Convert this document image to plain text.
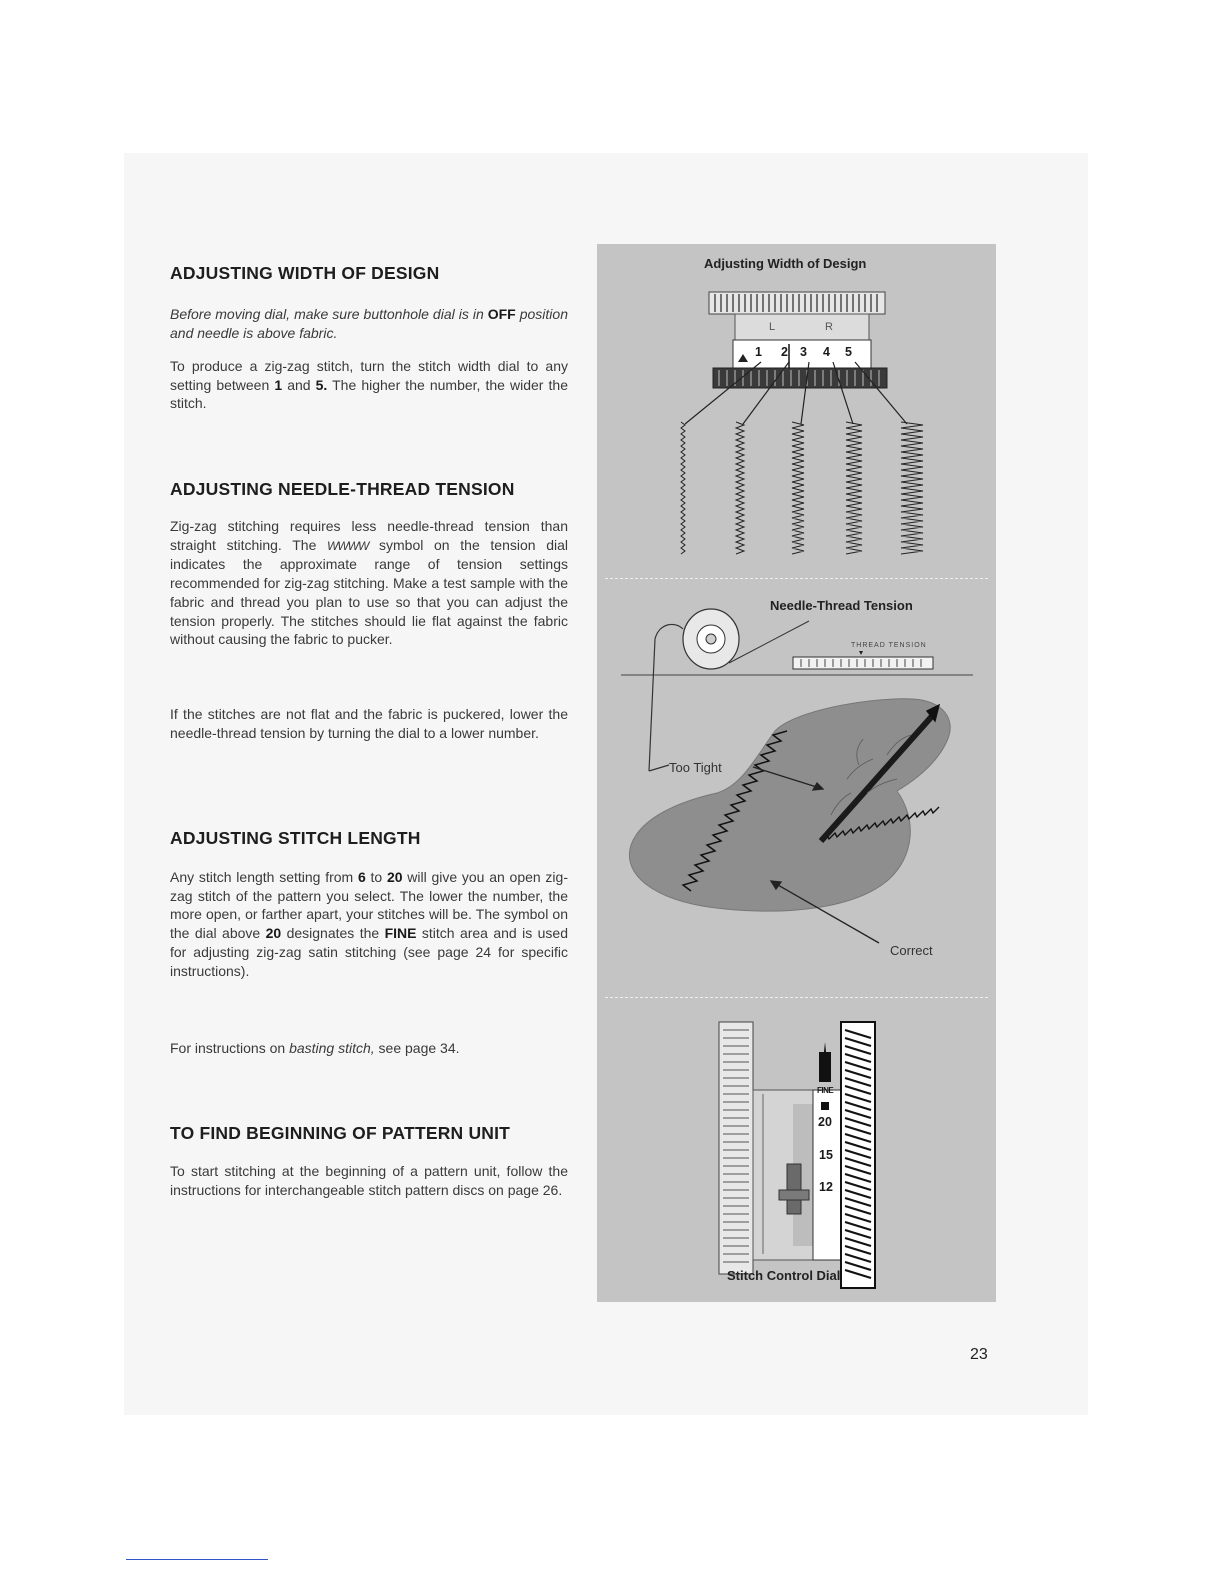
ADJUSTING WIDTH OF DESIGN

Before moving dial, make sure buttonhole dial is in OFF position and needle is above fabric.

To produce a zig-zag stitch, turn the stitch width dial to any setting between 1 and 5. The higher the number, the wider the stitch.

ADJUSTING NEEDLE-THREAD TENSION

Zig-zag stitching requires less needle-thread tension than straight stitching. The WWWW symbol on the tension dial indicates the approximate range of tension settings recommended for zig-zag stitching. Make a test sample with the fabric and thread you plan to use so that you can adjust the tension properly. The stitches should lie flat against the fabric without causing the fabric to pucker.

If the stitches are not flat and the fabric is puckered, lower the needle-thread tension by turning the dial to a lower number.

ADJUSTING STITCH LENGTH

Any stitch length setting from 6 to 20 will give you an open zig-zag stitch of the pattern you select. The lower the number, the more open, or farther apart, your stitches will be. The symbol on the dial above 20 designates the FINE stitch area and is used for adjusting zig-zag satin stitching (see page 24 for specific instructions).

For instructions on basting stitch, see page 34.

TO FIND BEGINNING OF PATTERN UNIT

To start stitching at the beginning of a pattern unit, follow the instructions for interchangeable stitch pattern discs on page 26.

Adjusting Width of Design
L	R
1 2 3 4 5
Needle-Thread Tension
THREAD TENSION
Too Tight
Correct
FINE
20
15
12
Stitch Control Dial
23
